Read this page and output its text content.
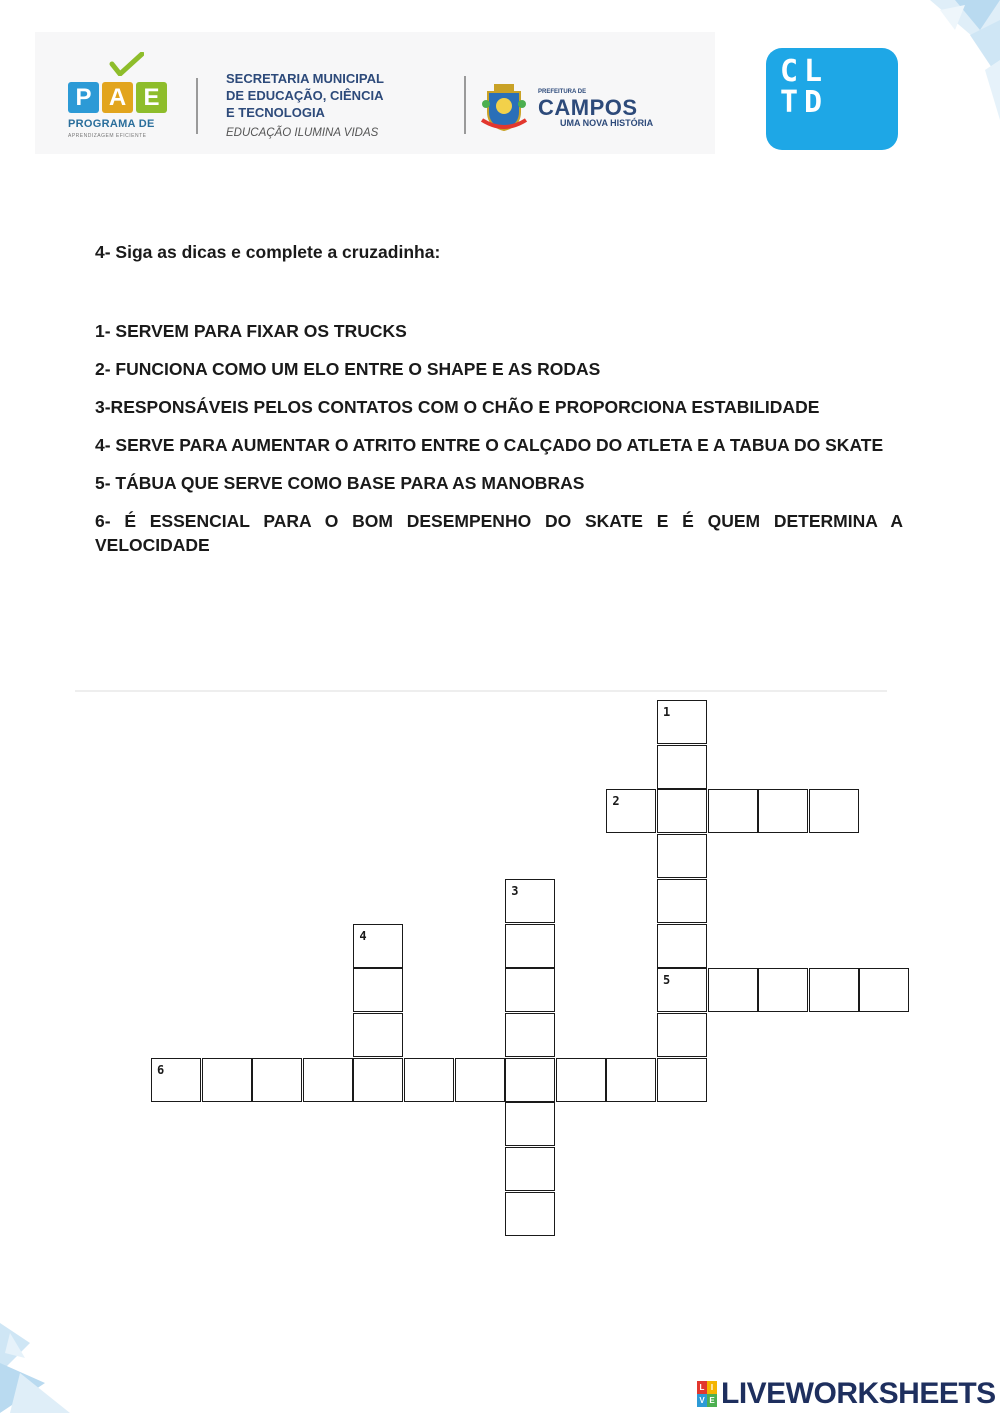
P A E
PROGRAMA DE
APRENDIZAGEM EFICIENTE
SECRETARIA MUNICIPAL
DE EDUCAÇÃO, CIÊNCIA
E TECNOLOGIA
EDUCAÇÃO ILUMINA VIDAS
PREFEITURA DE
CAMPOS
UMA NOVA HISTÓRIA
CL
TD
4- Siga as dicas e complete a cruzadinha:
1- SERVEM PARA FIXAR OS TRUCKS
2- FUNCIONA COMO UM ELO ENTRE O SHAPE E AS RODAS
3-RESPONSÁVEIS PELOS CONTATOS COM O CHÃO E PROPORCIONA ESTABILIDADE
4- SERVE PARA AUMENTAR O ATRITO ENTRE O CALÇADO DO ATLETA E A TABUA DO SKATE
5- TÁBUA QUE SERVE COMO BASE PARA AS MANOBRAS
6- É ESSENCIAL PARA O BOM DESEMPENHO DO SKATE E É QUEM DETERMINA A VELOCIDADE
1
5
2
3
4
6
L I
V E LIVEWORKSHEETS
